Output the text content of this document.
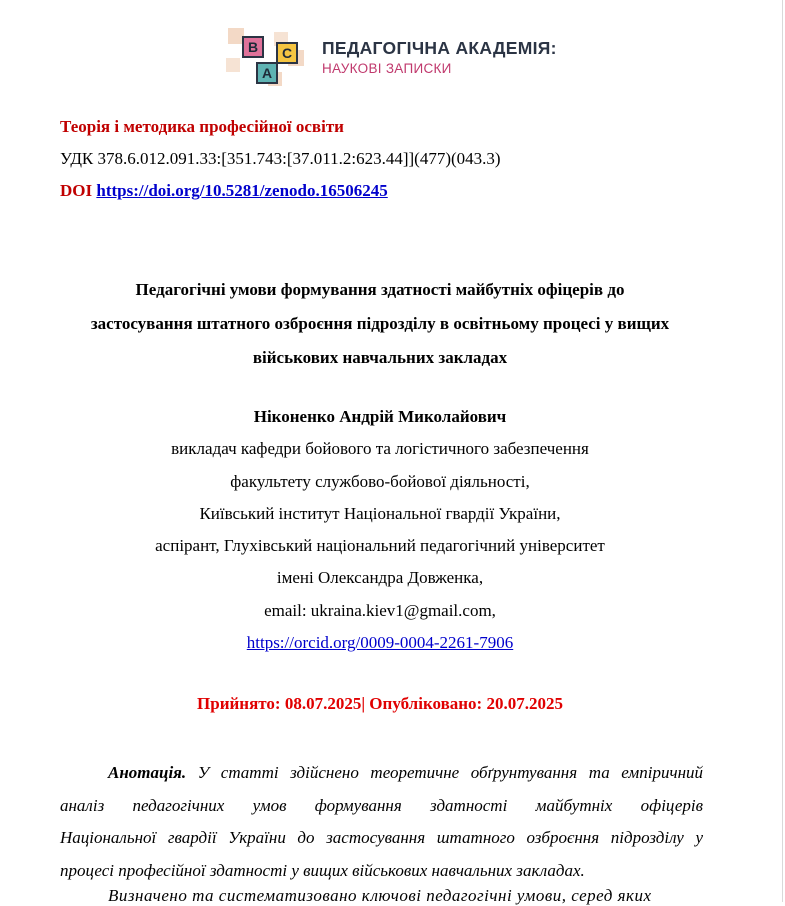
B	C
A
ПЕДАГОГІЧНА АКАДЕМІЯ:
НАУКОВІ ЗАПИСКИ
Теорія і методика професійної освіти
УДК 378.6.012.091.33:[351.743:[37.011.2:623.44]](477)(043.3)
DOI https://doi.org/10.5281/zenodo.16506245
Педагогічні умови формування здатності майбутніх офіцерів до
застосування штатного озброєння підрозділу в освітньому процесі у вищих
військових навчальних закладах
Ніконенко Андрій Миколайович
викладач кафедри бойового та логістичного забезпечення
факультету службово-бойової діяльності,
Київський інститут Національної гвардії України,
аспірант, Глухівський національний педагогічний університет
імені Олександра Довженка,
email: ukraina.kiev1@gmail.com,
https://orcid.org/0009-0004-2261-7906
Прийнято: 08.07.2025| Опубліковано: 20.07.2025
Анотація. У статті здійснено теоретичне обґрунтування та емпіричний
аналіз педагогічних умов формування здатності майбутніх офіцерів
Національної гвардії України до застосування штатного озброєння підрозділу у
процесі професійної здатності у вищих військових навчальних закладах.
Визначено та систематизовано ключові педагогічні умови, серед яких
